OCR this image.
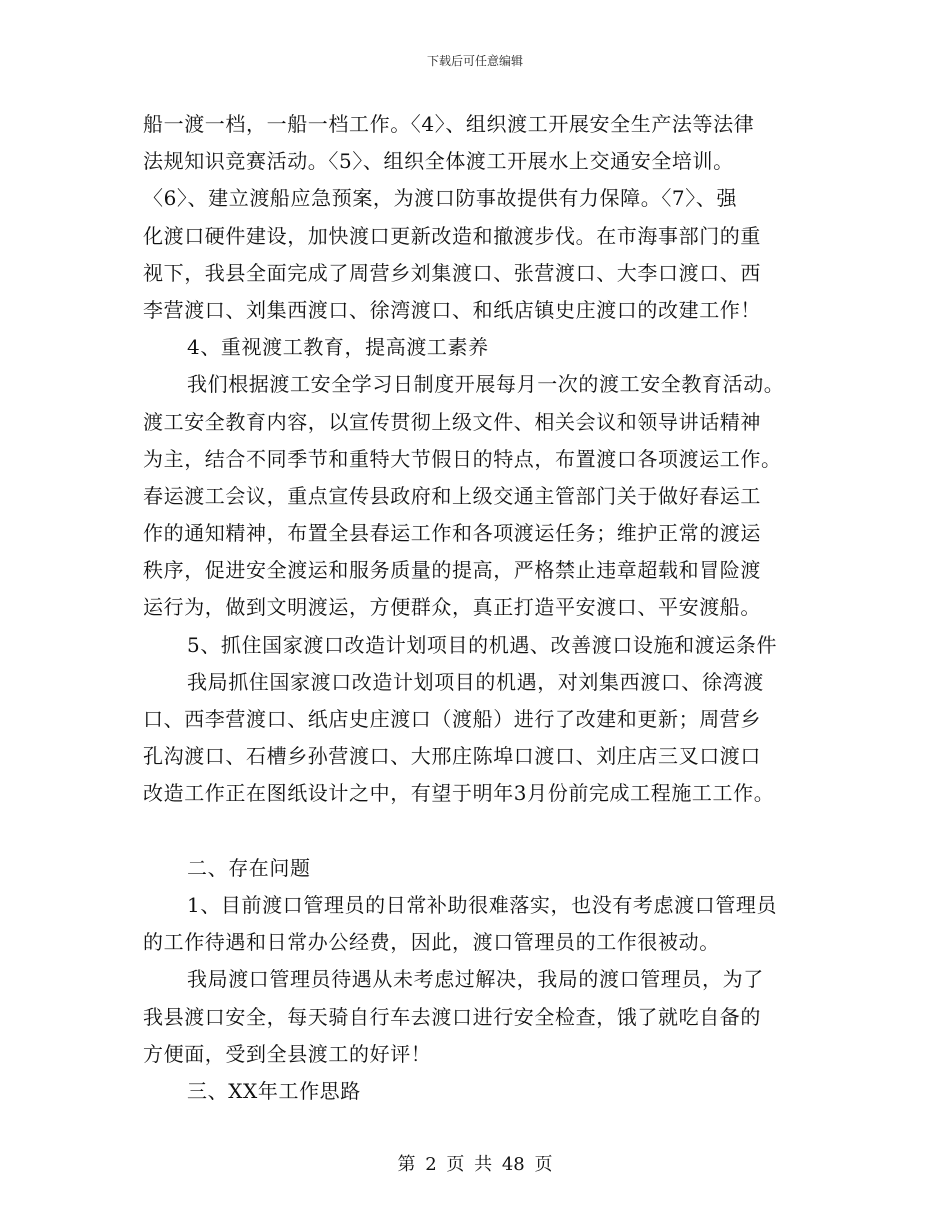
下载后可任意编辑
船一渡一档，一船一档工作。〈4〉、组织渡工开展安全生产法等法律
法规知识竞赛活动。〈5〉、组织全体渡工开展水上交通安全培训。
〈6〉、建立渡船应急预案，为渡口防事故提供有力保障。〈7〉、强
化渡口硬件建设，加快渡口更新改造和撤渡步伐。在市海事部门的重
视下，我县全面完成了周营乡刘集渡口、张营渡口、大李口渡口、西
李营渡口、刘集西渡口、徐湾渡口、和纸店镇史庄渡口的改建工作！
4、重视渡工教育，提高渡工素养
我们根据渡工安全学习日制度开展每月一次的渡工安全教育活动。
渡工安全教育内容，以宣传贯彻上级文件、相关会议和领导讲话精神
为主，结合不同季节和重特大节假日的特点，布置渡口各项渡运工作。
春运渡工会议，重点宣传县政府和上级交通主管部门关于做好春运工
作的通知精神，布置全县春运工作和各项渡运任务；维护正常的渡运
秩序，促进安全渡运和服务质量的提高，严格禁止违章超载和冒险渡
运行为，做到文明渡运，方便群众，真正打造平安渡口、平安渡船。
5、抓住国家渡口改造计划项目的机遇、改善渡口设施和渡运条件
我局抓住国家渡口改造计划项目的机遇，对刘集西渡口、徐湾渡
口、西李营渡口、纸店史庄渡口（渡船）进行了改建和更新；周营乡
孔沟渡口、石槽乡孙营渡口、大邢庄陈埠口渡口、刘庄店三叉口渡口
改造工作正在图纸设计之中，有望于明年3月份前完成工程施工工作。
二、存在问题
1、目前渡口管理员的日常补助很难落实，也没有考虑渡口管理员
的工作待遇和日常办公经费，因此，渡口管理员的工作很被动。
我局渡口管理员待遇从未考虑过解决，我局的渡口管理员，为了
我县渡口安全，每天骑自行车去渡口进行安全检查，饿了就吃自备的
方便面，受到全县渡工的好评！
三、XX年工作思路
第 2 页 共 48 页
